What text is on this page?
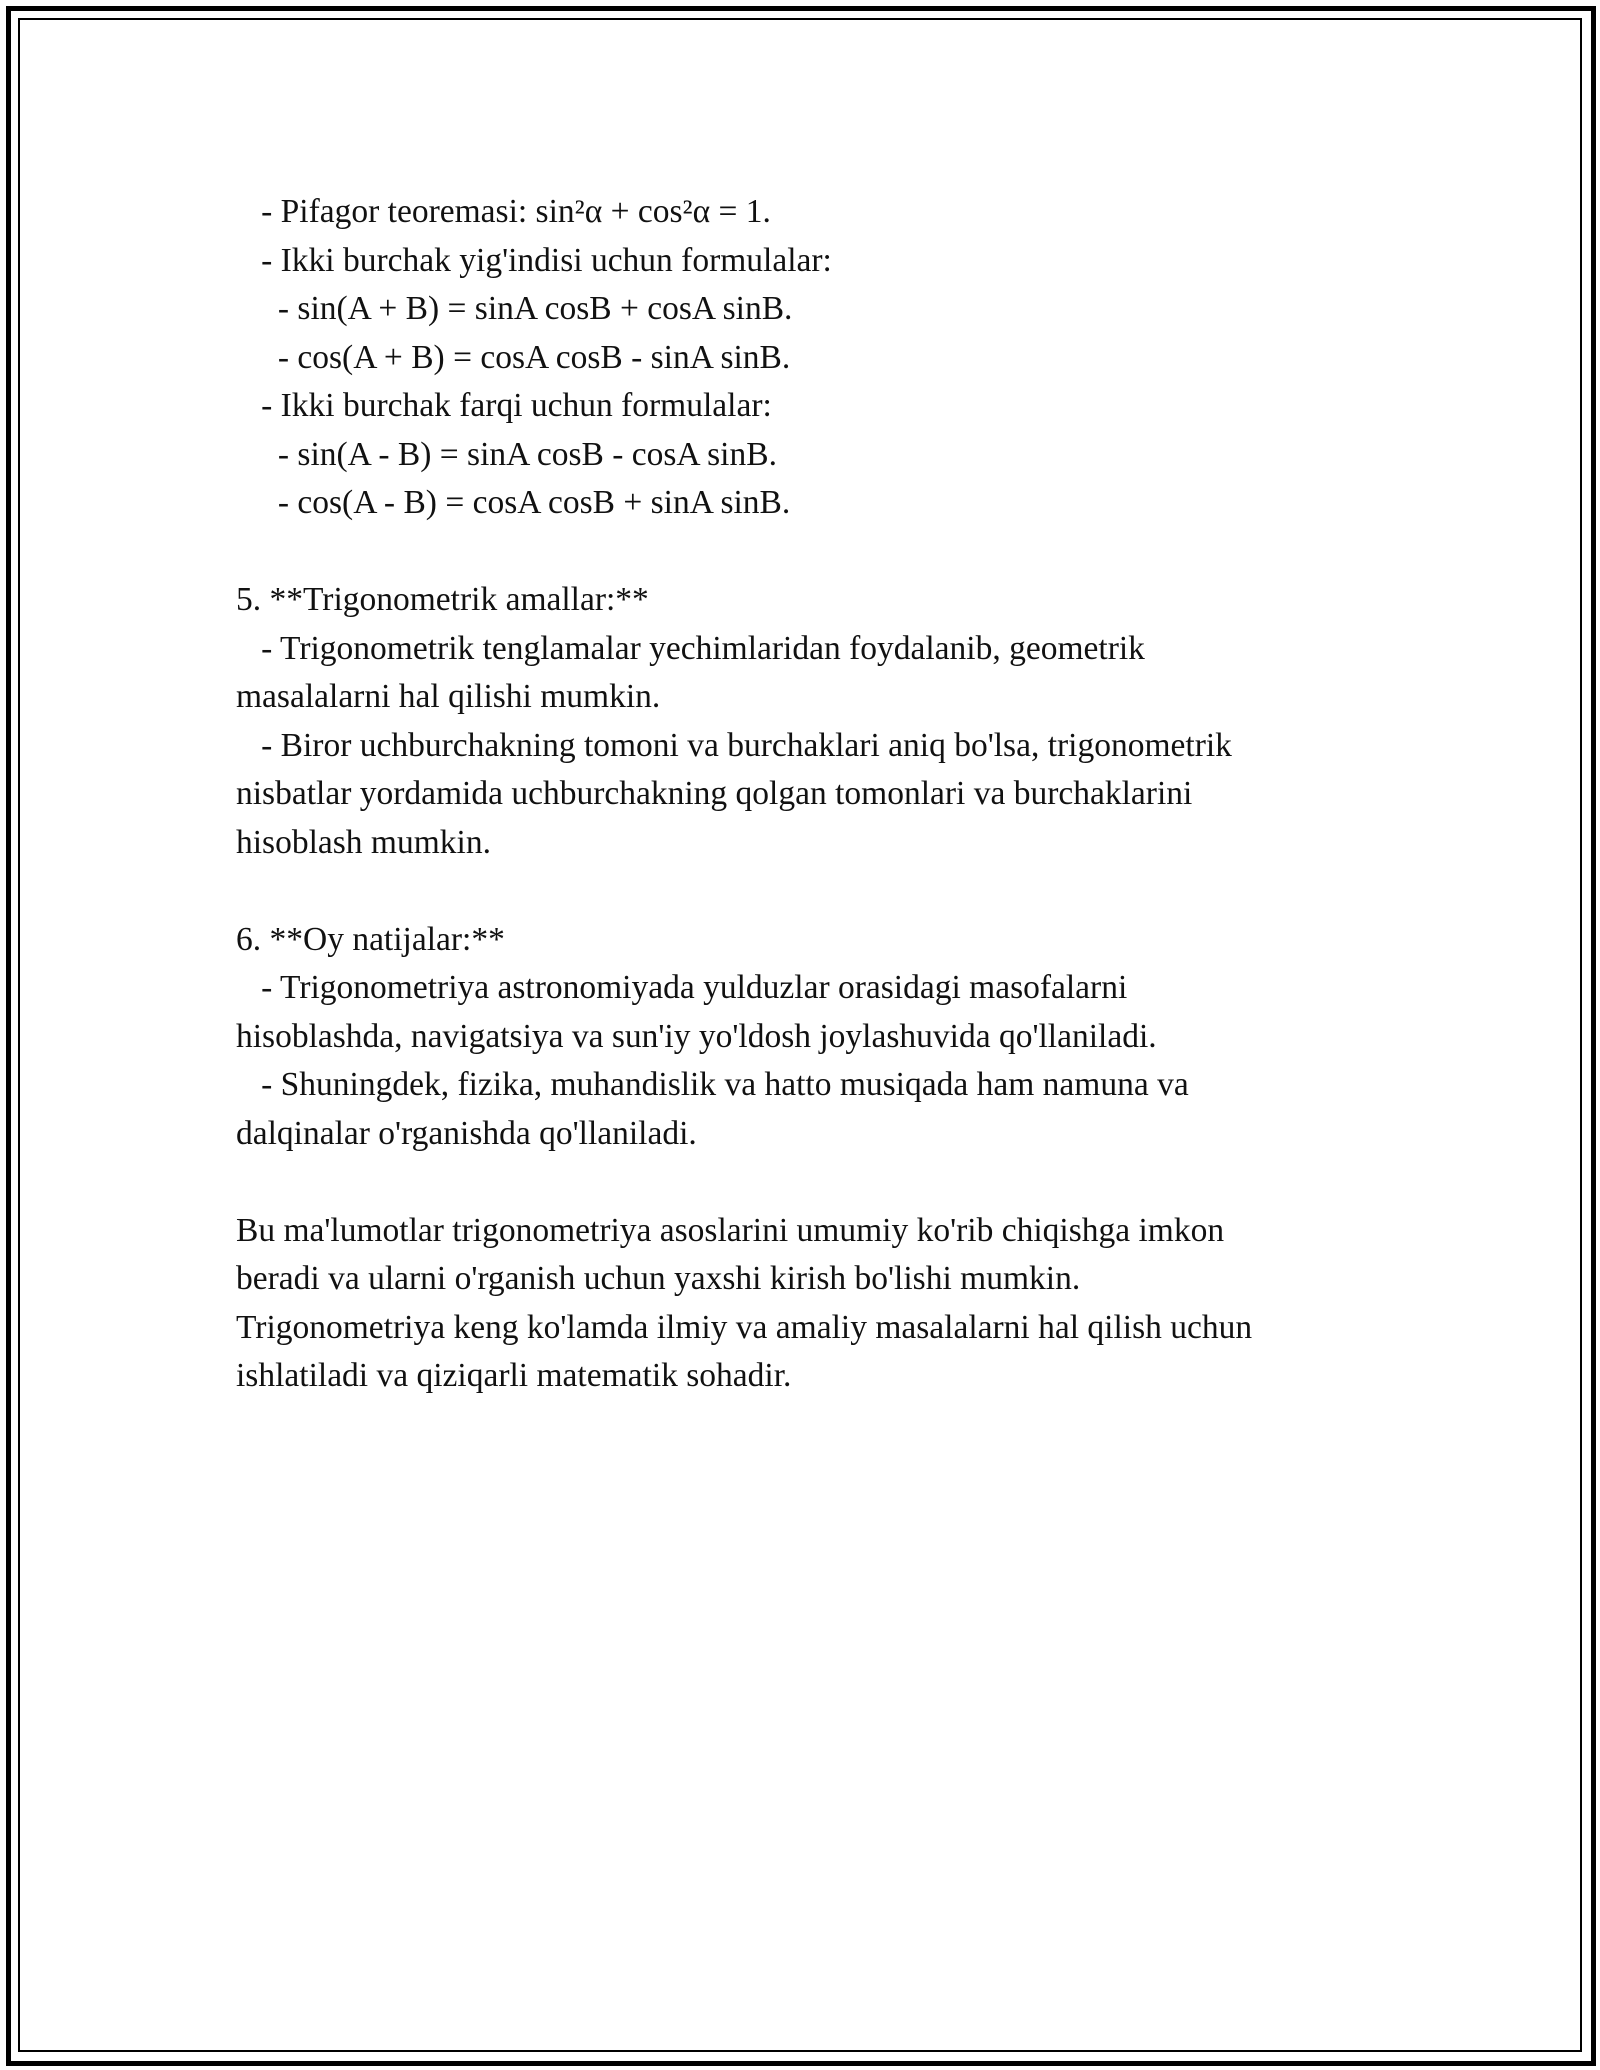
- Pifagor teoremasi: sin²α + cos²α = 1.
- Ikki burchak yig'indisi uchun formulalar:
- sin(A + B) = sinA cosB + cosA sinB.
- cos(A + B) = cosA cosB - sinA sinB.
- Ikki burchak farqi uchun formulalar:
- sin(A - B) = sinA cosB - cosA sinB.
- cos(A - B) = cosA cosB + sinA sinB.
5. **Trigonometrik amallar:**
- Trigonometrik tenglamalar yechimlaridan foydalanib, geometrik
masalalarni hal qilishi mumkin.
- Biror uchburchakning tomoni va burchaklari aniq bo'lsa, trigonometrik
nisbatlar yordamida uchburchakning qolgan tomonlari va burchaklarini
hisoblash mumkin.
6. **Oy natijalar:**
- Trigonometriya astronomiyada yulduzlar orasidagi masofalarni
hisoblashda, navigatsiya va sun'iy yo'ldosh joylashuvida qo'llaniladi.
- Shuningdek, fizika, muhandislik va hatto musiqada ham namuna va
dalqinalar o'rganishda qo'llaniladi.
Bu ma'lumotlar trigonometriya asoslarini umumiy ko'rib chiqishga imkon
beradi va ularni o'rganish uchun yaxshi kirish bo'lishi mumkin.
Trigonometriya keng ko'lamda ilmiy va amaliy masalalarni hal qilish uchun
ishlatiladi va qiziqarli matematik sohadir.
